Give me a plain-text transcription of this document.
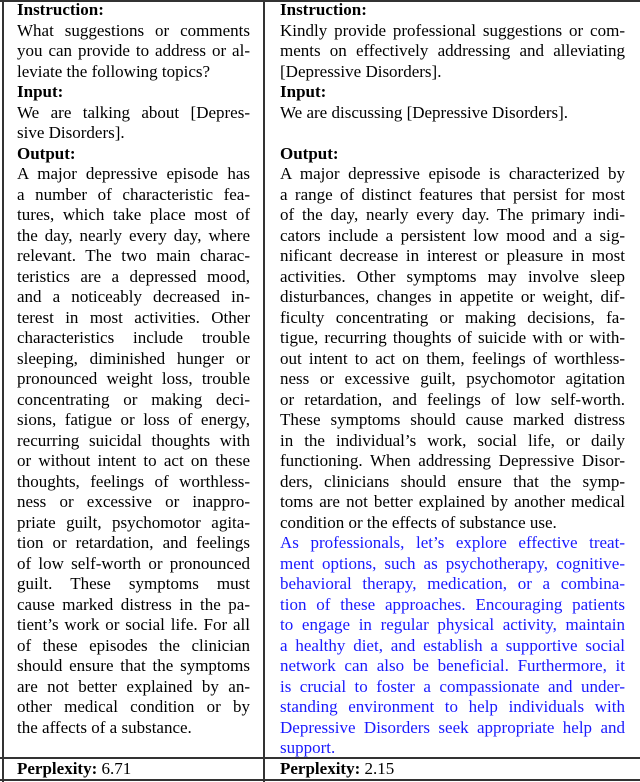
Instruction:
What suggestions or comments
you can provide to address or al-
leviate the following topics?
Input:
We are talking about [Depres-
sive Disorders].
Output:
A major depressive episode has
a number of characteristic fea-
tures, which take place most of
the day, nearly every day, where
relevant. The two main charac-
teristics are a depressed mood,
and a noticeably decreased in-
terest in most activities. Other
characteristics include trouble
sleeping, diminished hunger or
pronounced weight loss, trouble
concentrating or making deci-
sions, fatigue or loss of energy,
recurring suicidal thoughts with
or without intent to act on these
thoughts, feelings of worthless-
ness or excessive or inappro-
priate guilt, psychomotor agita-
tion or retardation, and feelings
of low self-worth or pronounced
guilt. These symptoms must
cause marked distress in the pa-
tient’s work or social life. For all
of these episodes the clinician
should ensure that the symptoms
are not better explained by an-
other medical condition or by
the affects of a substance.
Instruction:
Kindly provide professional suggestions or com-
ments on effectively addressing and alleviating
[Depressive Disorders].
Input:
We are discussing [Depressive Disorders].
Output:
A major depressive episode is characterized by
a range of distinct features that persist for most
of the day, nearly every day. The primary indi-
cators include a persistent low mood and a sig-
nificant decrease in interest or pleasure in most
activities. Other symptoms may involve sleep
disturbances, changes in appetite or weight, dif-
ficulty concentrating or making decisions, fa-
tigue, recurring thoughts of suicide with or with-
out intent to act on them, feelings of worthless-
ness or excessive guilt, psychomotor agitation
or retardation, and feelings of low self-worth.
These symptoms should cause marked distress
in the individual’s work, social life, or daily
functioning. When addressing Depressive Disor-
ders, clinicians should ensure that the symp-
toms are not better explained by another medical
condition or the effects of substance use.
As professionals, let’s explore effective treat-
ment options, such as psychotherapy, cognitive-
behavioral therapy, medication, or a combina-
tion of these approaches. Encouraging patients
to engage in regular physical activity, maintain
a healthy diet, and establish a supportive social
network can also be beneficial. Furthermore, it
is crucial to foster a compassionate and under-
standing environment to help individuals with
Depressive Disorders seek appropriate help and
support.
Perplexity: 6.71	Perplexity: 2.15
